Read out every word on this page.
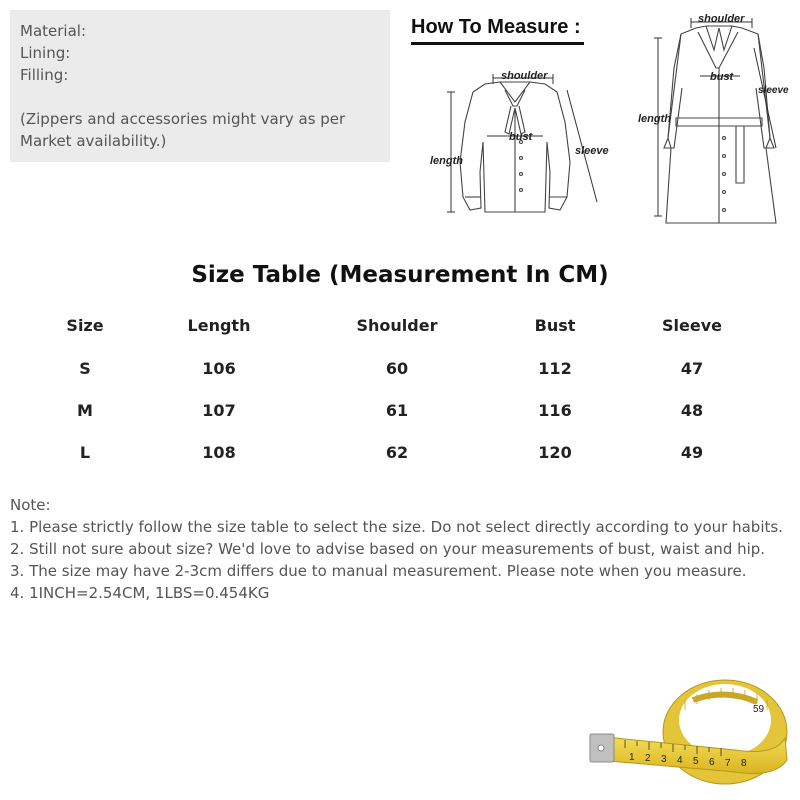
Material:
Lining:
Filling:
(Zippers and accessories might vary as per
Market availability.)
How To Measure :
shoulder
bust
length
sleeve
shoulder
bust
length
sleeve
Size Table (Measurement In CM)
Size	Length	Shoulder	Bust	Sleeve
S	106	60	112	47
M	107	61	116	48
L	108	62	120	49
Note:
1. Please strictly follow the size table to select the size. Do not select directly according to your habits.
2. Still not sure about size? We'd love to advise based on your measurements of bust, waist and hip.
3. The size may have 2-3cm differs due to manual measurement. Please note when you measure.
4. 1INCH=2.54CM, 1LBS=0.454KG
1 2 3 4 5 6 7 8
59
